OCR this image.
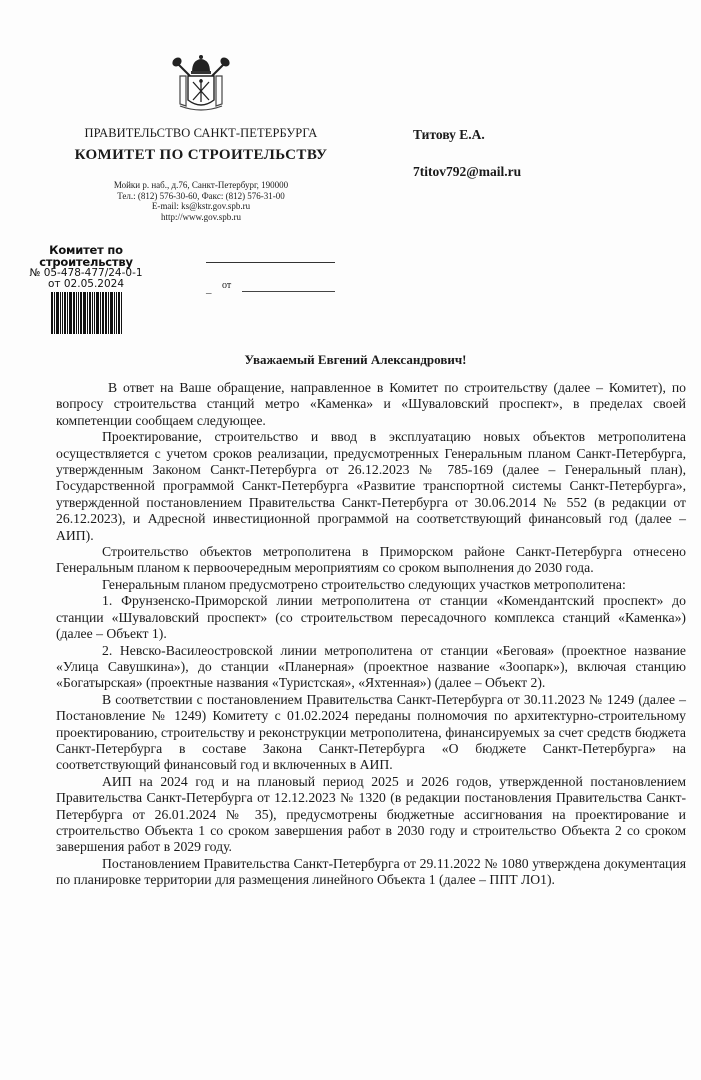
ПРАВИТЕЛЬСТВО САНКТ-ПЕТЕРБУРГА
КОМИТЕТ ПО СТРОИТЕЛЬСТВУ
Мойки р. наб., д.76, Санкт-Петербург, 190000
Тел.: (812) 576-30-60, Факс: (812) 576-31-00
E-mail: ks@kstr.gov.spb.ru
http://www.gov.spb.ru
Титову Е.А.
7titov792@mail.ru
Комитет по строительству
№ 05-478-477/24-0-1
от 02.05.2024	_ от
Уважаемый Евгений Александрович!

В ответ на Ваше обращение, направленное в Комитет по строительству (далее – Комитет), по вопросу строительства станций метро «Каменка» и «Шуваловский проспект», в пределах своей компетенции сообщаем следующее.

Проектирование, строительство и ввод в эксплуатацию новых объектов метрополитена осуществляется с учетом сроков реализации, предусмотренных Генеральным планом Санкт-Петербурга, утвержденным Законом Санкт-Петербурга от 26.12.2023 № 785-169 (далее – Генеральный план), Государственной программой Санкт-Петербурга «Развитие транспортной системы Санкт-Петербурга», утвержденной постановлением Правительства Санкт-Петербурга от 30.06.2014 № 552 (в редакции от 26.12.2023), и Адресной инвестиционной программой на соответствующий финансовый год (далее – АИП).

Строительство объектов метрополитена в Приморском районе Санкт-Петербурга отнесено Генеральным планом к первоочередным мероприятиям со сроком выполнения до 2030 года.

Генеральным планом предусмотрено строительство следующих участков метрополитена:

1. Фрунзенско-Приморской линии метрополитена от станции «Комендантский проспект» до станции «Шуваловский проспект» (со строительством пересадочного комплекса станций «Каменка») (далее – Объект 1).

2. Невско-Василеостровской линии метрополитена от станции «Беговая» (проектное название «Улица Савушкина»), до станции «Планерная» (проектное название «Зоопарк»), включая станцию «Богатырская» (проектные названия «Туристская», «Яхтенная») (далее – Объект 2).

В соответствии с постановлением Правительства Санкт-Петербурга от 30.11.2023 № 1249 (далее – Постановление № 1249) Комитету с 01.02.2024 переданы полномочия по архитектурно-строительному проектированию, строительству и реконструкции метрополитена, финансируемых за счет средств бюджета Санкт-Петербурга в составе Закона Санкт-Петербурга «О бюджете Санкт-Петербурга» на соответствующий финансовый год и включенных в АИП.

АИП на 2024 год и на плановый период 2025 и 2026 годов, утвержденной постановлением Правительства Санкт-Петербурга от 12.12.2023 № 1320 (в редакции постановления Правительства Санкт-Петербурга от 26.01.2024 № 35), предусмотрены бюджетные ассигнования на проектирование и строительство Объекта 1 со сроком завершения работ в 2030 году и строительство Объекта 2 со сроком завершения работ в 2029 году.

Постановлением Правительства Санкт-Петербурга от 29.11.2022 № 1080 утверждена документация по планировке территории для размещения линейного Объекта 1 (далее – ППТ ЛО1).
